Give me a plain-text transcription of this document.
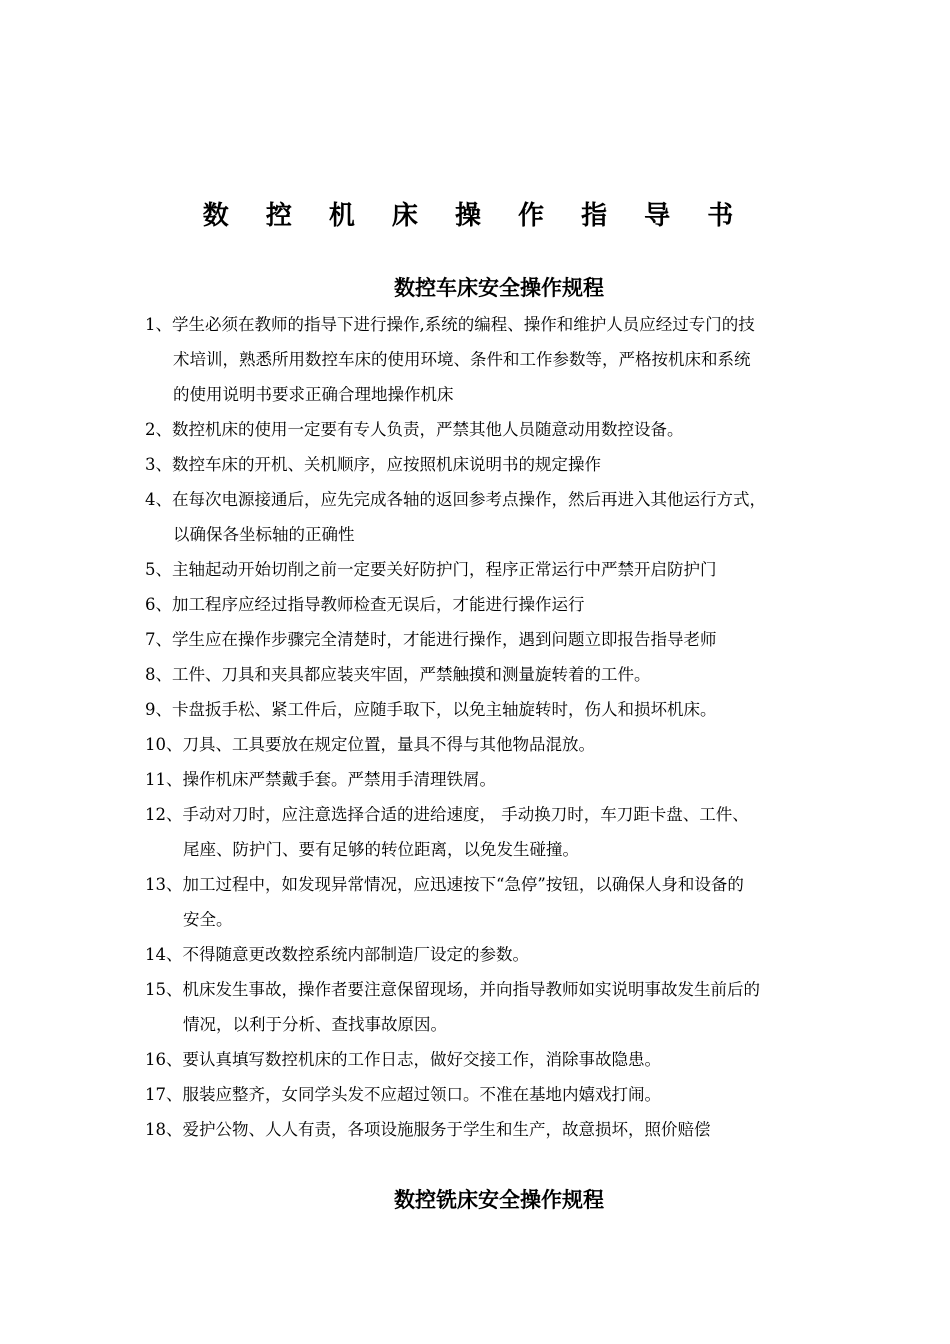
数 控 机 床 操 作 指 导 书
数控车床安全操作规程
1、学生必须在教师的指导下进行操作,系统的编程、操作和维护人员应经过专门的技
术培训，熟悉所用数控车床的使用环境、条件和工作参数等，严格按机床和系统
的使用说明书要求正确合理地操作机床
2、数控机床的使用一定要有专人负责，严禁其他人员随意动用数控设备。
3、数控车床的开机、关机顺序，应按照机床说明书的规定操作
4、在每次电源接通后，应先完成各轴的返回参考点操作，然后再进入其他运行方式，
以确保各坐标轴的正确性
5、主轴起动开始切削之前一定要关好防护门，程序正常运行中严禁开启防护门
6、加工程序应经过指导教师检查无误后，才能进行操作运行
7、学生应在操作步骤完全清楚时，才能进行操作，遇到问题立即报告指导老师
8、工件、刀具和夹具都应装夹牢固，严禁触摸和测量旋转着的工件。
9、卡盘扳手松、紧工件后，应随手取下，以免主轴旋转时，伤人和损坏机床。
10、刀具、工具要放在规定位置，量具不得与其他物品混放。
11、操作机床严禁戴手套。严禁用手清理铁屑。
12、手动对刀时，应注意选择合适的进给速度， 手动换刀时，车刀距卡盘、工件、
尾座、防护门、要有足够的转位距离，以免发生碰撞。
13、加工过程中，如发现异常情况，应迅速按下“急停”按钮，以确保人身和设备的
安全。
14、不得随意更改数控系统内部制造厂设定的参数。
15、机床发生事故，操作者要注意保留现场，并向指导教师如实说明事故发生前后的
情况，以利于分析、查找事故原因。
16、要认真填写数控机床的工作日志，做好交接工作，消除事故隐患。
17、服装应整齐，女同学头发不应超过领口。不准在基地内嬉戏打闹。
18、爱护公物、人人有责，各项设施服务于学生和生产，故意损坏，照价赔偿
数控铣床安全操作规程
